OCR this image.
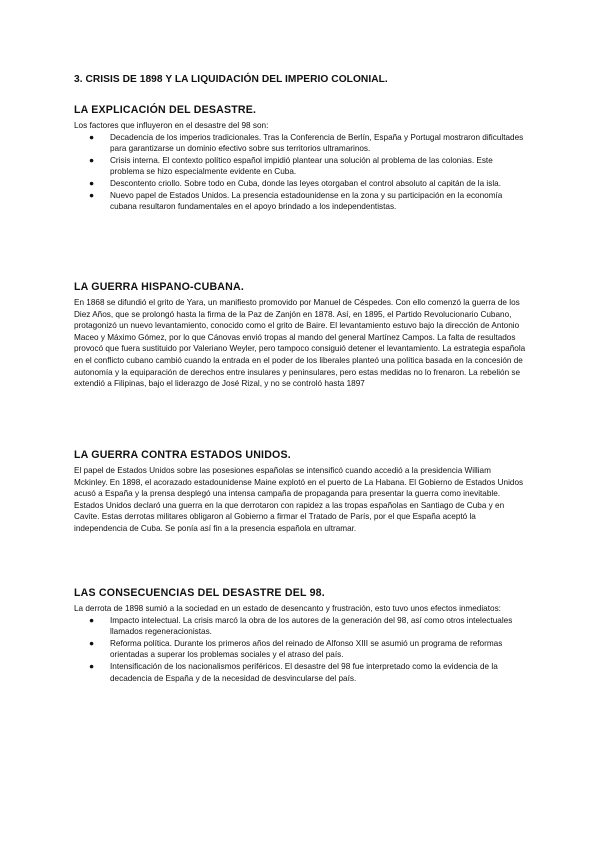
3. CRISIS DE 1898 Y LA LIQUIDACIÓN DEL IMPERIO COLONIAL.
LA EXPLICACIÓN DEL DESASTRE.

Los factores que influyeron en el desastre del 98 son:

● Decadencia de los imperios tradicionales. Tras la Conferencia de Berlín, España y Portugal mostraron dificultades para garantizarse un dominio efectivo sobre sus territorios ultramarinos.
● Crisis interna. El contexto político español impidió plantear una solución al problema de las colonias. Este problema se hizo especialmente evidente en Cuba.
● Descontento criollo. Sobre todo en Cuba, donde las leyes otorgaban el control absoluto al capitán de la isla.
● Nuevo papel de Estados Unidos. La presencia estadounidense en la zona y su participación en la economía cubana resultaron fundamentales en el apoyo brindado a los independentistas.
LA GUERRA HISPANO-CUBANA.

En 1868 se difundió el grito de Yara, un manifiesto promovido por Manuel de Céspedes. Con ello comenzó la guerra de los Diez Años, que se prolongó hasta la firma de la Paz de Zanjón en 1878. Así, en 1895, el Partido Revolucionario Cubano, protagonizó un nuevo levantamiento, conocido como el grito de Baire. El levantamiento estuvo bajo la dirección de Antonio Maceo y Máximo Gómez, por lo que Cánovas envió tropas al mando del general Martínez Campos. La falta de resultados provocó que fuera sustituido por Valeriano Weyler, pero tampoco consiguió detener el levantamiento. La estrategia española en el conflicto cubano cambió cuando la entrada en el poder de los liberales planteó una política basada en la concesión de autonomía y la equiparación de derechos entre insulares y peninsulares, pero estas medidas no lo frenaron. La rebelión se extendió a Filipinas, bajo el liderazgo de José Rizal, y no se controló hasta 1897

LA GUERRA CONTRA ESTADOS UNIDOS.

El papel de Estados Unidos sobre las posesiones españolas se intensificó cuando accedió a la presidencia William Mckinley. En 1898, el acorazado estadounidense Maine explotó en el puerto de La Habana. El Gobierno de Estados Unidos acusó a España y la prensa desplegó una intensa campaña de propaganda para presentar la guerra como inevitable.

Estados Unidos declaró una guerra en la que derrotaron con rapidez a las tropas españolas en Santiago de Cuba y en Cavite. Estas derrotas militares obligaron al Gobierno a firmar el Tratado de París, por el que España aceptó la independencia de Cuba. Se ponía así fin a la presencia española en ultramar.

LAS CONSECUENCIAS DEL DESASTRE DEL 98.

La derrota de 1898 sumió a la sociedad en un estado de desencanto y frustración, esto tuvo unos efectos inmediatos:

● Impacto intelectual. La crisis marcó la obra de los autores de la generación del 98, así como otros intelectuales llamados regeneracionistas.
● Reforma política. Durante los primeros años del reinado de Alfonso XIII se asumió un programa de reformas orientadas a superar los problemas sociales y el atraso del país.
● Intensificación de los nacionalismos periféricos. El desastre del 98 fue interpretado como la evidencia de la decadencia de España y de la necesidad de desvincularse del país.
